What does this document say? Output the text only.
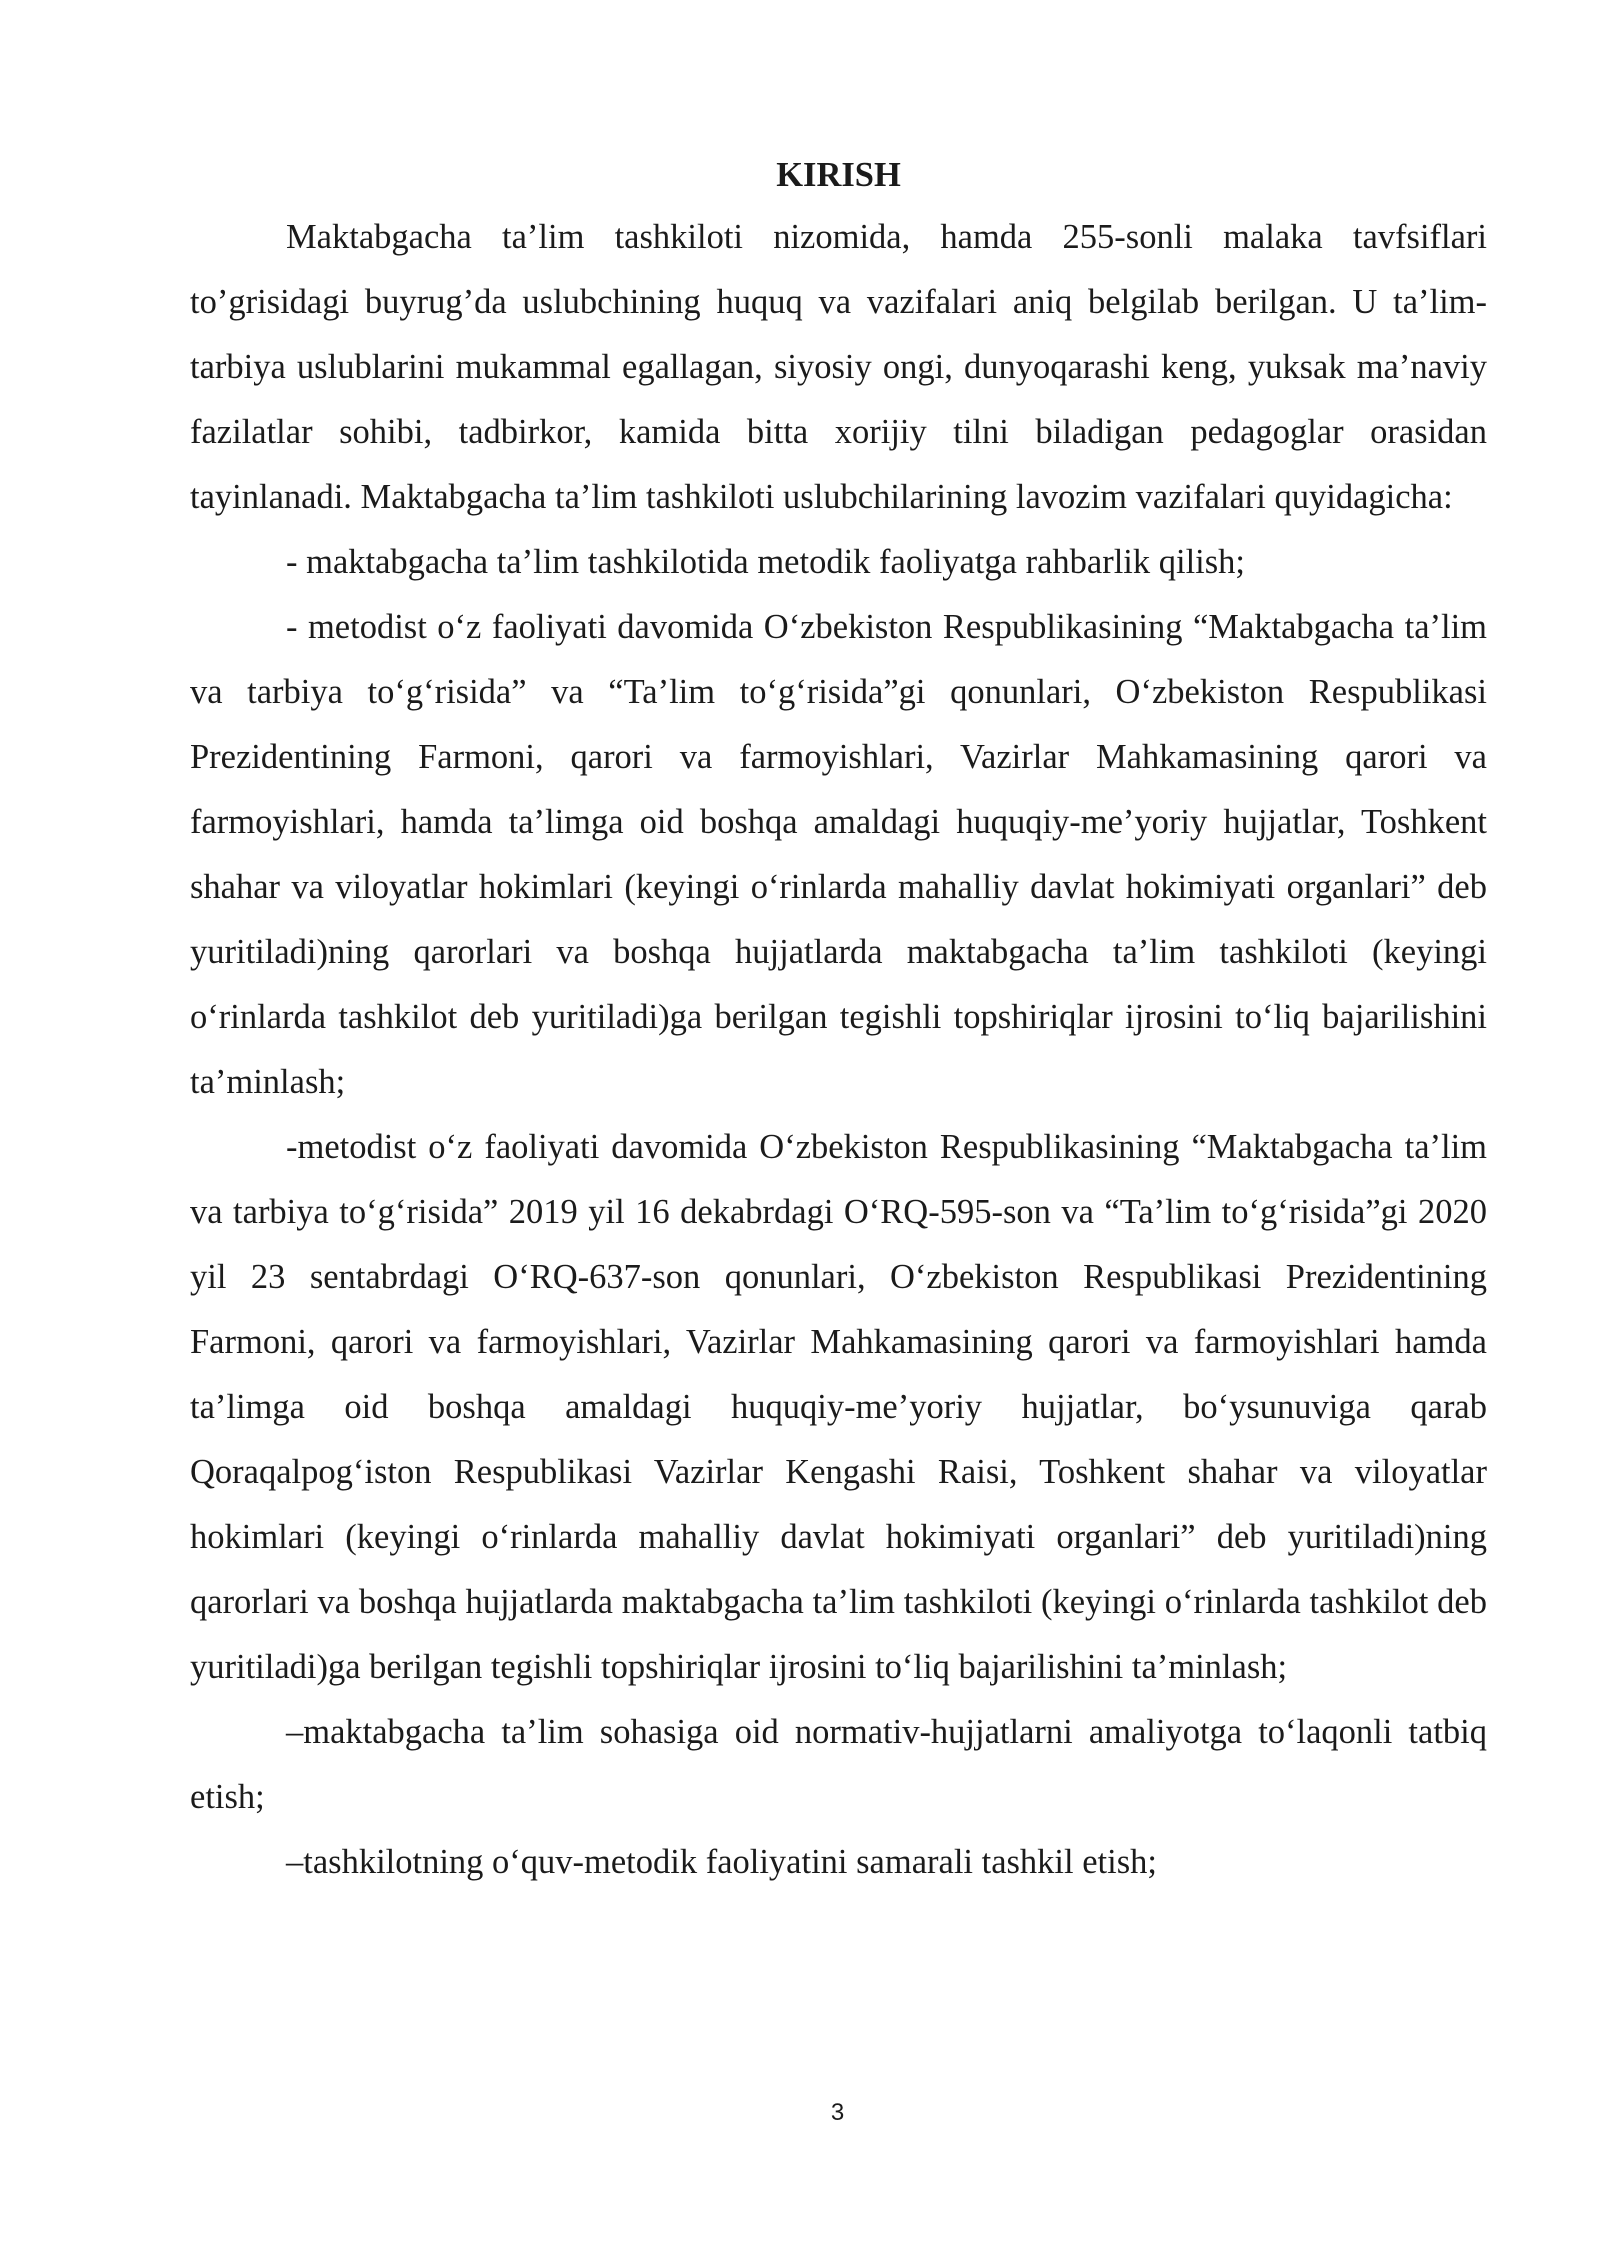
KIRISH

Maktabgacha ta’lim tashkiloti nizomida, hamda 255-sonli malaka tavfsiflari to’grisidagi buyrug’da uslubchining huquq va vazifalari aniq belgilab berilgan. U ta’lim-tarbiya uslublarini mukammal egallagan, siyosiy ongi, dunyoqarashi keng, yuksak ma’naviy fazilatlar sohibi, tadbirkor, kamida bitta xorijiy tilni biladigan pedagoglar orasidan tayinlanadi. Maktabgacha ta’lim tashkiloti uslubchilarining lavozim vazifalari quyidagicha:

- maktabgacha ta’lim tashkilotida metodik faoliyatga rahbarlik qilish;

- metodist o‘z faoliyati davomida O‘zbekiston Respublikasining “Maktabgacha ta’lim va tarbiya to‘g‘risida” va “Ta’lim to‘g‘risida”gi qonunlari, O‘zbekiston Respublikasi Prezidentining Farmoni, qarori va farmoyishlari, Vazirlar Mahkamasining qarori va farmoyishlari, hamda ta’limga oid boshqa amaldagi huquqiy-me’yoriy hujjatlar, Toshkent shahar va viloyatlar hokimlari (keyingi o‘rinlarda mahalliy davlat hokimiyati organlari” deb yuritiladi)ning qarorlari va boshqa hujjatlarda maktabgacha ta’lim tashkiloti (keyingi o‘rinlarda tashkilot deb yuritiladi)ga berilgan tegishli topshiriqlar ijrosini to‘liq bajarilishini ta’minlash;

-metodist o‘z faoliyati davomida O‘zbekiston Respublikasining “Maktabgacha ta’lim va tarbiya to‘g‘risida” 2019 yil 16 dekabrdagi O‘RQ-595-son va “Ta’lim to‘g‘risida”gi 2020 yil 23 sentabrdagi O‘RQ-637-son qonunlari, O‘zbekiston Respublikasi Prezidentining Farmoni, qarori va farmoyishlari, Vazirlar Mahkamasining qarori va farmoyishlari hamda ta’limga oid boshqa amaldagi huquqiy-me’yoriy hujjatlar, bo‘ysunuviga qarab Qoraqalpog‘iston Respublikasi Vazirlar Kengashi Raisi, Toshkent shahar va viloyatlar hokimlari (keyingi o‘rinlarda mahalliy davlat hokimiyati organlari” deb yuritiladi)ning qarorlari va boshqa hujjatlarda maktabgacha ta’lim tashkiloti (keyingi o‘rinlarda tashkilot deb yuritiladi)ga berilgan tegishli topshiriqlar ijrosini to‘liq bajarilishini ta’minlash;

–maktabgacha ta’lim sohasiga oid normativ-hujjatlarni amaliyotga to‘laqonli tatbiq etish;

–tashkilotning o‘quv-metodik faoliyatini samarali tashkil etish;

3
